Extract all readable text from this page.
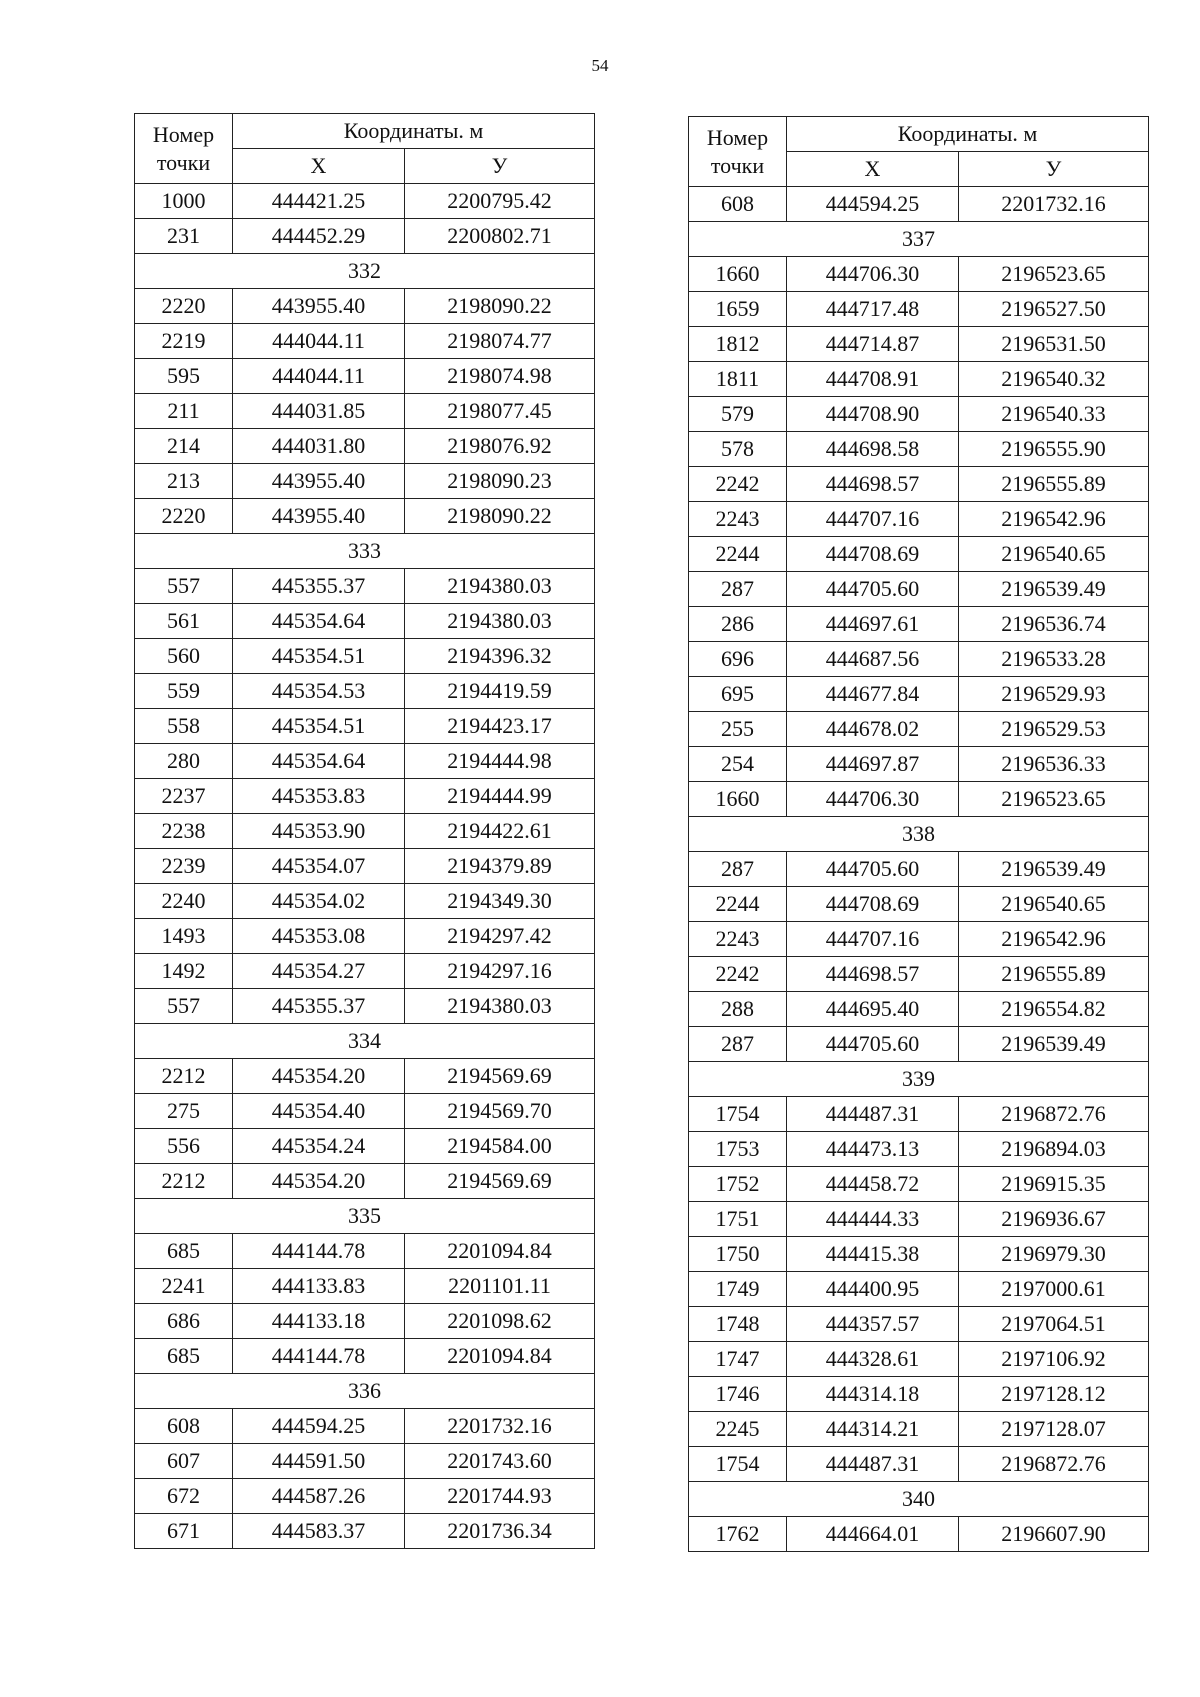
54
Номер точки	Координаты. м	
	Х	У
1000	444421.25	2200795.42
231	444452.29	2200802.71
332		
2220	443955.40	2198090.22
2219	444044.11	2198074.77
595	444044.11	2198074.98
211	444031.85	2198077.45
214	444031.80	2198076.92
213	443955.40	2198090.23
2220	443955.40	2198090.22
333		
557	445355.37	2194380.03
561	445354.64	2194380.03
560	445354.51	2194396.32
559	445354.53	2194419.59
558	445354.51	2194423.17
280	445354.64	2194444.98
2237	445353.83	2194444.99
2238	445353.90	2194422.61
2239	445354.07	2194379.89
2240	445354.02	2194349.30
1493	445353.08	2194297.42
1492	445354.27	2194297.16
557	445355.37	2194380.03
334		
2212	445354.20	2194569.69
275	445354.40	2194569.70
556	445354.24	2194584.00
2212	445354.20	2194569.69
335		
685	444144.78	2201094.84
2241	444133.83	2201101.11
686	444133.18	2201098.62
685	444144.78	2201094.84
336		
608	444594.25	2201732.16
607	444591.50	2201743.60
672	444587.26	2201744.93
671	444583.37	2201736.34
Номер точки	Координаты. м	
	Х	У
608	444594.25	2201732.16
337		
1660	444706.30	2196523.65
1659	444717.48	2196527.50
1812	444714.87	2196531.50
1811	444708.91	2196540.32
579	444708.90	2196540.33
578	444698.58	2196555.90
2242	444698.57	2196555.89
2243	444707.16	2196542.96
2244	444708.69	2196540.65
287	444705.60	2196539.49
286	444697.61	2196536.74
696	444687.56	2196533.28
695	444677.84	2196529.93
255	444678.02	2196529.53
254	444697.87	2196536.33
1660	444706.30	2196523.65
338		
287	444705.60	2196539.49
2244	444708.69	2196540.65
2243	444707.16	2196542.96
2242	444698.57	2196555.89
288	444695.40	2196554.82
287	444705.60	2196539.49
339		
1754	444487.31	2196872.76
1753	444473.13	2196894.03
1752	444458.72	2196915.35
1751	444444.33	2196936.67
1750	444415.38	2196979.30
1749	444400.95	2197000.61
1748	444357.57	2197064.51
1747	444328.61	2197106.92
1746	444314.18	2197128.12
2245	444314.21	2197128.07
1754	444487.31	2196872.76
340		
1762	444664.01	2196607.90
